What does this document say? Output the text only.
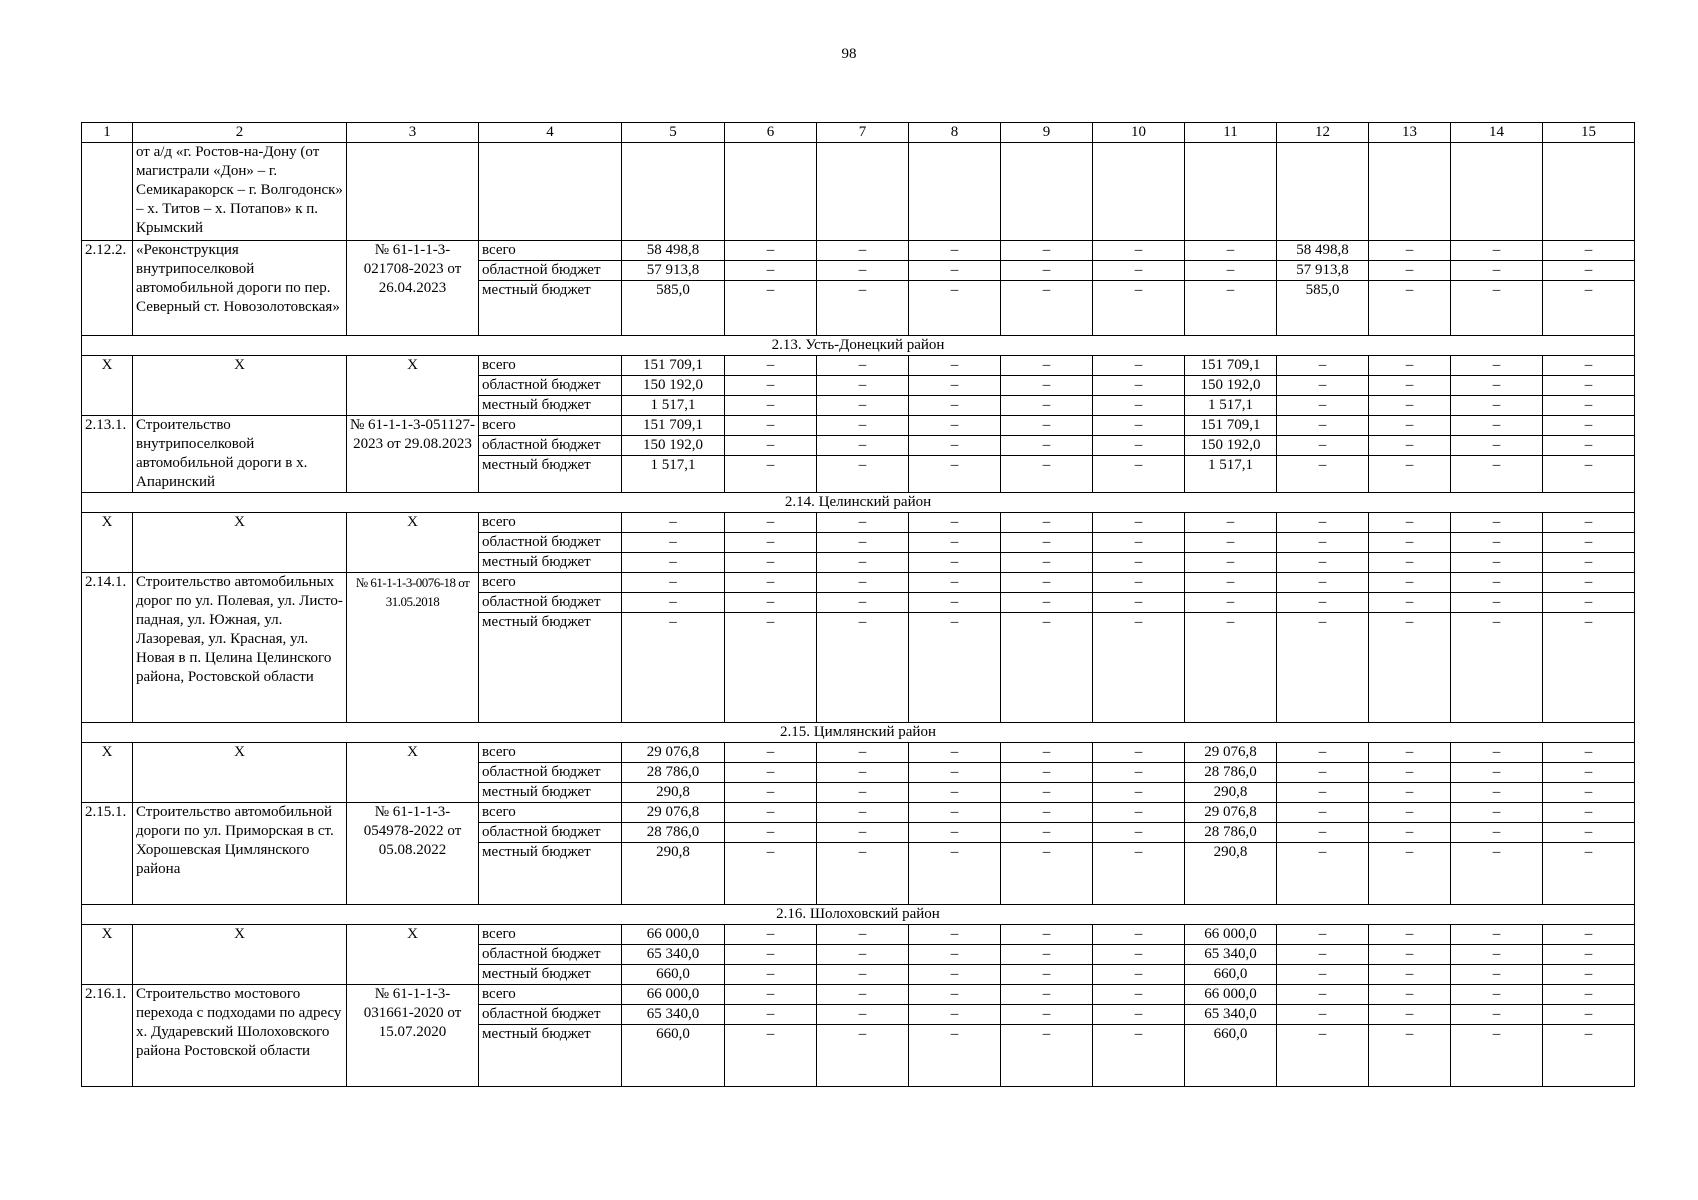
98
1	2	3	4	5	6	7	8	9	10	11	12	13	14	15
	от а/д «г. Ростов-на-Дону (от магистрали «Дон» – г. Семикаракорск – г. Волгодонск» – х. Титов – х. Потапов» к п. Крымский													
2.12.2.	«Реконструкция внутрипоселковой автомобильной дороги по пер. Северный ст. Новозолотовская»	№ 61-1-1-3-021708-2023 от 26.04.2023	всего	58 498,8	–	–	–	–	–	–	58 498,8	–	–	–
			областной бюджет	57 913,8	–	–	–	–	–	–	57 913,8	–	–	–
			местный бюджет	585,0	–	–	–	–	–	–	585,0	–	–	–
2.13. Усть-Донецкий район														
X	X	X	всего	151 709,1	–	–	–	–	–	151 709,1	–	–	–	–
			областной бюджет	150 192,0	–	–	–	–	–	150 192,0	–	–	–	–
			местный бюджет	1 517,1	–	–	–	–	–	1 517,1	–	–	–	–
2.13.1.	Строительство внутрипоселковой автомобильной дороги в х. Апаринский	№ 61-1-1-3-051127-2023 от 29.08.2023	всего	151 709,1	–	–	–	–	–	151 709,1	–	–	–	–
			областной бюджет	150 192,0	–	–	–	–	–	150 192,0	–	–	–	–
			местный бюджет	1 517,1	–	–	–	–	–	1 517,1	–	–	–	–
2.14. Целинский район														
X	X	X	всего	–	–	–	–	–	–	–	–	–	–	–
			областной бюджет	–	–	–	–	–	–	–	–	–	–	–
			местный бюджет	–	–	–	–	–	–	–	–	–	–	–
2.14.1.	Строительство автомобильных дорог по ул. Полевая, ул. Листо-падная, ул. Южная, ул. Лазоревая, ул. Красная, ул. Новая в п. Целина Целинского района, Ростовской области	№ 61-1-1-3-0076-18 от 31.05.2018	всего	–	–	–	–	–	–	–	–	–	–	–
			областной бюджет	–	–	–	–	–	–	–	–	–	–	–
			местный бюджет	–	–	–	–	–	–	–	–	–	–	–
2.15. Цимлянский район														
X	X	X	всего	29 076,8	–	–	–	–	–	29 076,8	–	–	–	–
			областной бюджет	28 786,0	–	–	–	–	–	28 786,0	–	–	–	–
			местный бюджет	290,8	–	–	–	–	–	290,8	–	–	–	–
2.15.1.	Строительство автомобильной дороги по ул. Приморская в ст. Хорошевская Цимлянского района	№ 61-1-1-3-054978-2022 от 05.08.2022	всего	29 076,8	–	–	–	–	–	29 076,8	–	–	–	–
			областной бюджет	28 786,0	–	–	–	–	–	28 786,0	–	–	–	–
			местный бюджет	290,8	–	–	–	–	–	290,8	–	–	–	–
2.16. Шолоховский район														
X	X	X	всего	66 000,0	–	–	–	–	–	66 000,0	–	–	–	–
			областной бюджет	65 340,0	–	–	–	–	–	65 340,0	–	–	–	–
			местный бюджет	660,0	–	–	–	–	–	660,0	–	–	–	–
2.16.1.	Строительство мостового перехода с подходами по адресу х. Дударевский Шолоховского района Ростовской области	№ 61-1-1-3-031661-2020 от 15.07.2020	всего	66 000,0	–	–	–	–	–	66 000,0	–	–	–	–
			областной бюджет	65 340,0	–	–	–	–	–	65 340,0	–	–	–	–
			местный бюджет	660,0	–	–	–	–	–	660,0	–	–	–	–
